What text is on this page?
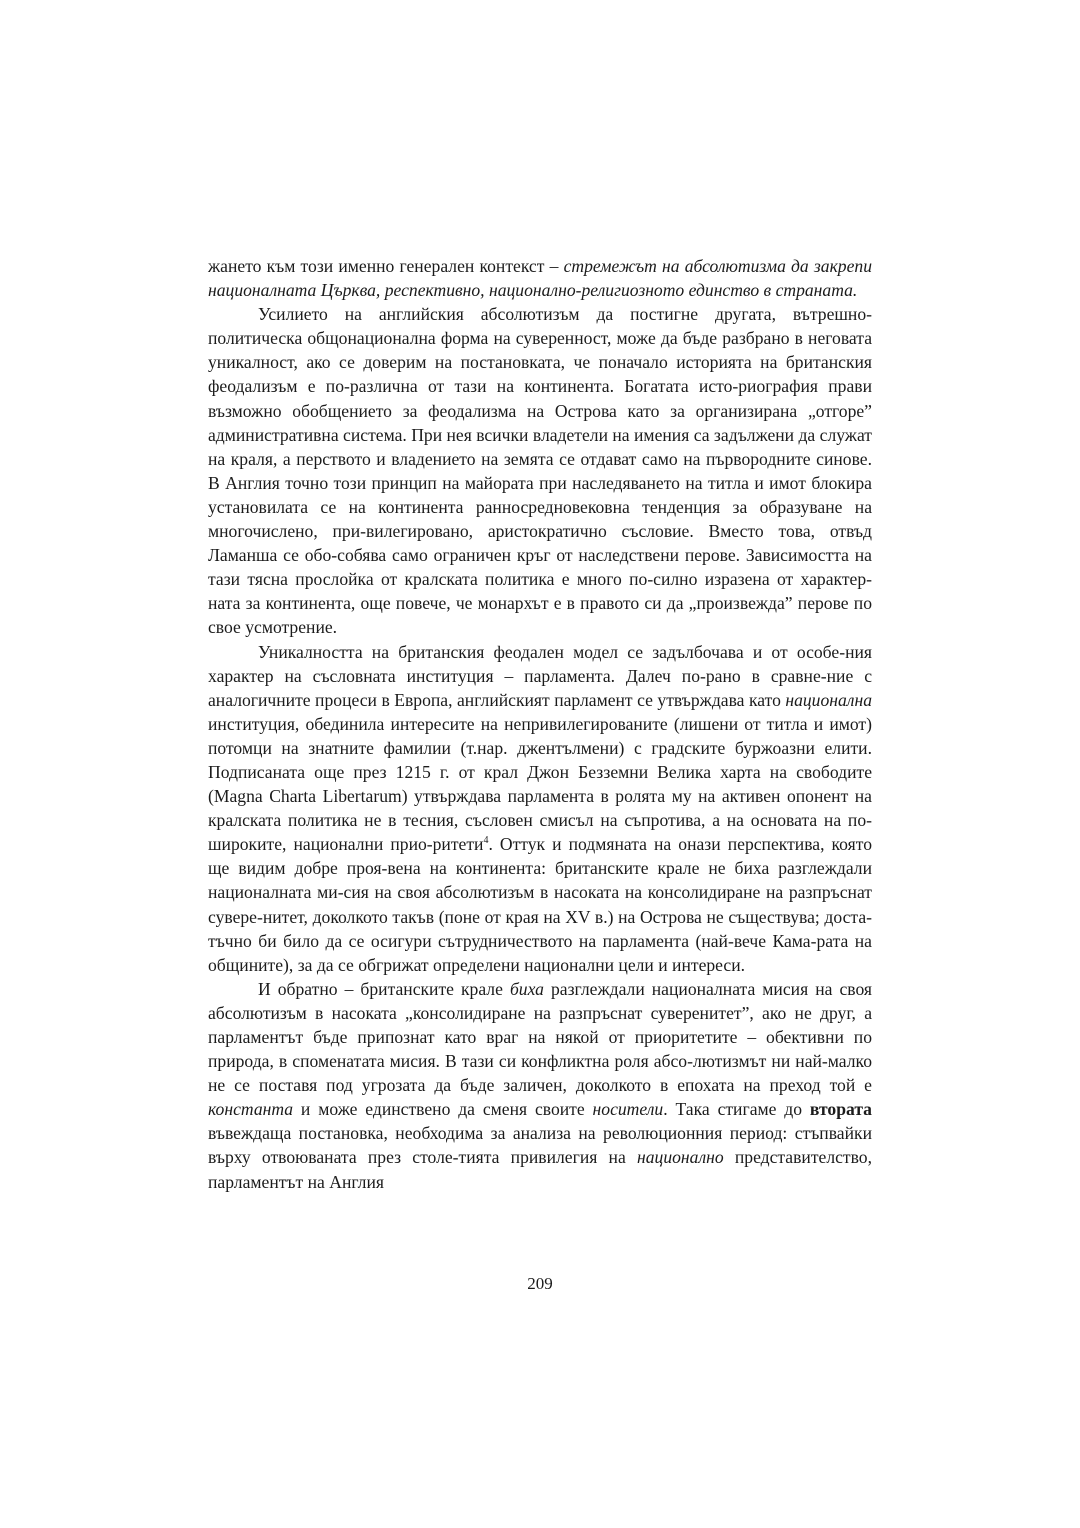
жането към този именно генерален контекст – стремежът на абсолютизма да закрепи националната Църква, респективно, национално-религиозното единство в страната.

Усилието на английския абсолютизъм да постигне другата, вътрешно-политическа общонационална форма на суверенност, може да бъде разбрано в неговата уникалност, ако се доверим на постановката, че поначало историята на британския феодализъм е по-различна от тази на континента. Богатата исто-риография прави възможно обобщението за феодализма на Острова като за организирана „отгоре” административна система. При нея всички владетели на имения са задължени да служат на краля, а перството и владението на земята се отдават само на първородните синове. В Англия точно този принцип на майората при наследяването на титла и имот блокира установилата се на континента ранносредновековна тенденция за образуване на многочислено, при-вилегировано, аристократично съсловие. Вместо това, отвъд Ламанша се обо-собява само ограничен кръг от наследствени перове. Зависимостта на тази тясна прослойка от кралската политика е много по-силно изразена от характер-ната за континента, още повече, че монархът е в правото си да „произвежда” перове по свое усмотрение.

Уникалността на британския феодален модел се задълбочава и от особе-ния характер на съсловната институция – парламента. Далеч по-рано в сравне-ние с аналогичните процеси в Европа, английският парламент се утвърждава като национална институция, обединила интересите на непривилегированите (лишени от титла и имот) потомци на знатните фамилии (т.нар. джентълмени) с градските буржоазни елити. Подписаната още през 1215 г. от крал Джон Безземни Велика харта на свободите (Magna Charta Libertarum) утвърждава парламента в ролята му на активен опонент на кралската политика не в тесния, съсловен смисъл на съпротива, а на основата на по-широките, национални прио-ритети$^4$. Оттук и подмяната на онази перспектива, която ще видим добре проя-вена на континента: британските крале не биха разглеждали националната ми-сия на своя абсолютизъм в насоката на консолидиране на разпръснат сувере-нитет, доколкото такъв (поне от края на XV в.) на Острова не съществува; доста-тъчно би било да се осигури сътрудничеството на парламента (най-вече Кама-рата на общините), за да се обгрижат определени национални цели и интереси.

И обратно – британските крале биха разглеждали националната мисия на своя абсолютизъм в насоката „консолидиране на разпръснат суверенитет”, ако не друг, а парламентът бъде припознат като враг на някой от приоритетите – обективни по природа, в споменатата мисия. В тази си конфликтна роля абсо-лютизмът ни най-малко не се поставя под угрозата да бъде заличен, доколкото в епохата на преход той е константа и може единствено да сменя своите носители. Така стигаме до втората въвеждаща постановка, необходима за анализа на революционния период: стъпвайки върху отвоюваната през столе-тията привилегия на национално представителство, парламентът на Англия

209
